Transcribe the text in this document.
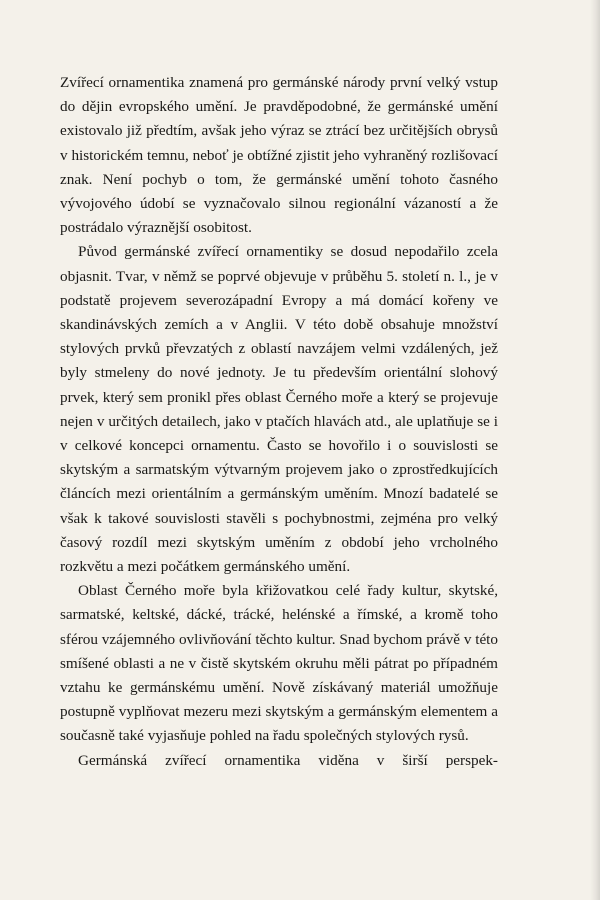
Zvířecí ornamentika znamená pro germánské národy první velký vstup do dějin evropského umění. Je pravděpodobné, že germánské umění existovalo již předtím, avšak jeho výraz se ztrácí bez určitějších obrysů v historickém temnu, neboť je obtížné zjistit jeho vyhraněný rozlišovací znak. Není pochyb o tom, že germánské umění tohoto časného vývojového údobí se vyznačovalo silnou regionální vázaností a že postrádalo výraznější osobitost.

Původ germánské zvířecí ornamentiky se dosud nepodařilo zcela objasnit. Tvar, v němž se poprvé objevuje v průběhu 5. století n. l., je v podstatě projevem severozápadní Evropy a má domácí kořeny ve skandinávských zemích a v Anglii. V této době obsahuje množství stylových prvků převzatých z oblastí navzájem velmi vzdálených, jež byly stmeleny do nové jednoty. Je tu především orientální slohový prvek, který sem pronikl přes oblast Černého moře a který se projevuje nejen v určitých detailech, jako v ptačích hlavách atd., ale uplatňuje se i v celkové koncepci ornamentu. Často se hovořilo i o souvislosti se skytským a sarmatským výtvarným projevem jako o zprostředkujících článcích mezi orientálním a germánským uměním. Mnozí badatelé se však k takové souvislosti stavěli s pochybnostmi, zejména pro velký časový rozdíl mezi skytským uměním z období jeho vrcholného rozkvětu a mezi počátkem germánského umění.

Oblast Černého moře byla křižovatkou celé řady kultur, skytské, sarmatské, keltské, dácké, trácké, helénské a římské, a kromě toho sférou vzájemného ovlivňování těchto kultur. Snad bychom právě v této smíšené oblasti a ne v čistě skytském okruhu měli pátrat po případném vztahu ke germánskému umění. Nově získávaný materiál umožňuje postupně vyplňovat mezeru mezi skytským a germánským elementem a současně také vyjasňuje pohled na řadu společných stylových rysů.

Germánská zvířecí ornamentika viděna v širší perspek-
